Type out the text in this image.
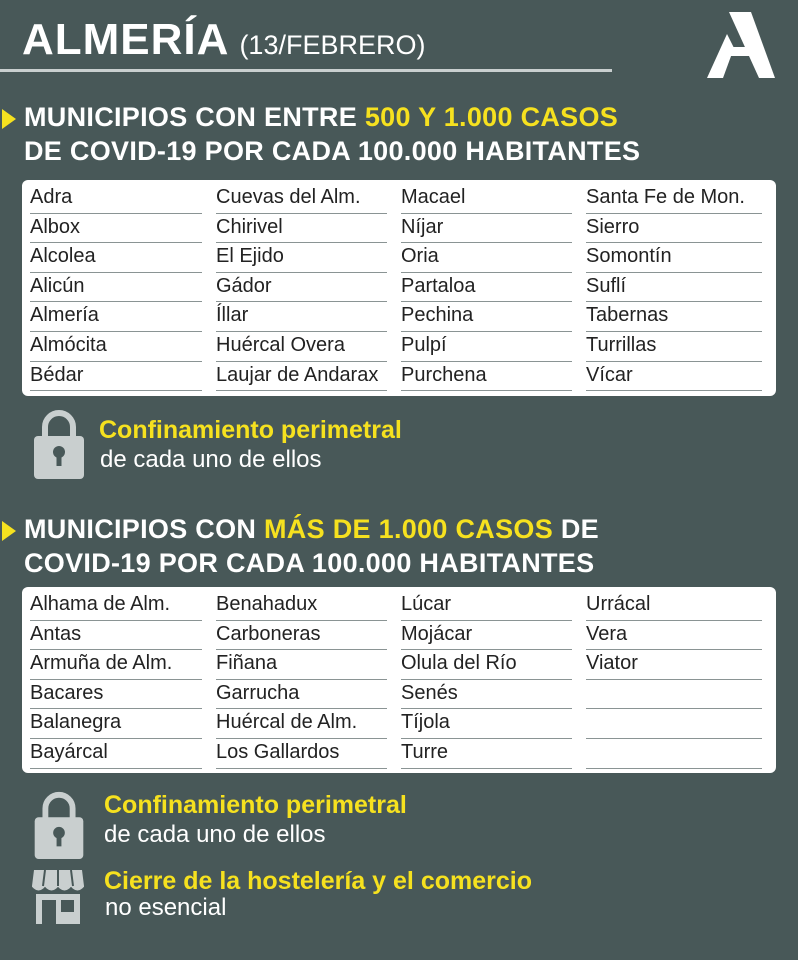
ALMERÍA (13/FEBRERO)
MUNICIPIOS CON ENTRE 500 Y 1.000 CASOS
DE COVID-19 POR CADA 100.000 HABITANTES
Adra
Albox
Alcolea
Alicún
Almería
Almócita
Bédar
Cuevas del Alm.
Chirivel
El Ejido
Gádor
Íllar
Huércal Overa
Laujar de Andarax
Macael
Níjar
Oria
Partaloa
Pechina
Pulpí
Purchena
Santa Fe de Mon.
Sierro
Somontín
Suflí
Tabernas
Turrillas
Vícar
Confinamiento perimetral
de cada uno de ellos
MUNICIPIOS CON MÁS DE 1.000 CASOS DE
COVID-19 POR CADA 100.000 HABITANTES
Alhama de Alm.
Antas
Armuña de Alm.
Bacares
Balanegra
Bayárcal
Benahadux
Carboneras
Fiñana
Garrucha
Huércal de Alm.
Los Gallardos
Lúcar
Mojácar
Olula del Río
Senés
Tíjola
Turre
Urrácal
Vera
Viator
Confinamiento perimetral
de cada uno de ellos
Cierre de la hostelería y el comercio
no esencial
